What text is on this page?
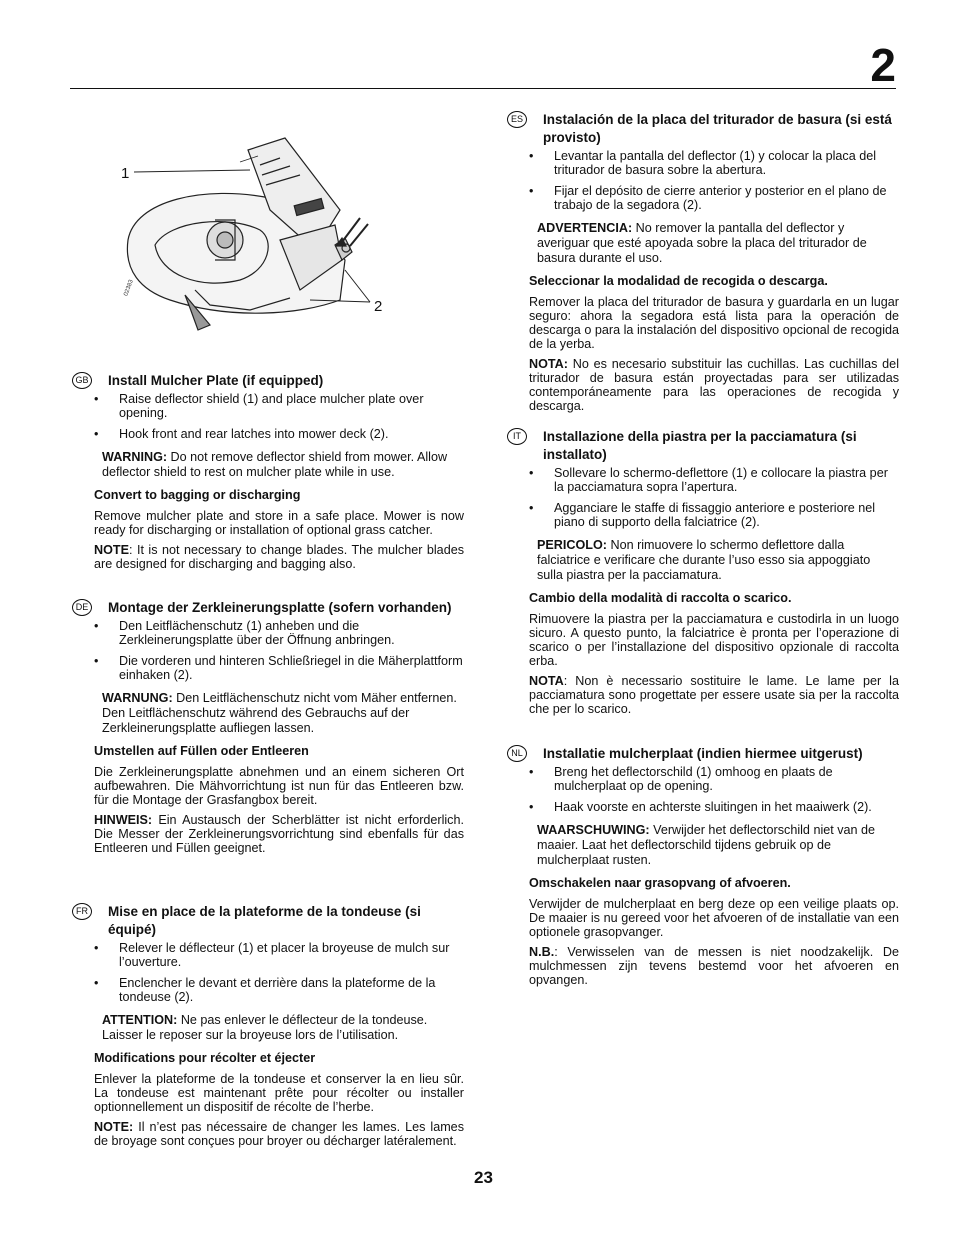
2
1
2
02383
GB Install Mulcher Plate (if equipped)
• Raise deflector shield (1) and place mulcher plate over opening.
• Hook front and rear latches into mower deck (2).
WARNING: Do not remove deflector shield from mower. Allow deflector shield to rest on mulcher plate while in use.
Convert to bagging or discharging
Remove mulcher plate and store in a safe place. Mower is now ready for discharging or installation of optional grass catcher.
NOTE: It is not necessary to change blades. The mulcher blades are designed for discharging and bagging also.
DE Montage der Zerkleinerungsplatte (sofern vorhanden)
• Den Leitflächenschutz (1) anheben und die Zerkleinerungsplatte über der Öffnung anbringen.
• Die vorderen und hinteren Schließriegel in die Mäherplattform einhaken (2).
WARNUNG: Den Leitflächenschutz nicht vom Mäher entfernen. Den Leitflächenschutz während des Gebrauchs auf der Zerkleinerungsplatte aufliegen lassen.
Umstellen auf Füllen oder Entleeren
Die Zerkleinerungsplatte abnehmen und an einem sicheren Ort aufbewahren. Die Mähvorrichtung ist nun für das Entleeren bzw. für die Montage der Grasfangbox bereit.
HINWEIS: Ein Austausch der Scherblätter ist nicht erforderlich. Die Messer der Zerkleinerungsvorrichtung sind ebenfalls für das Entleeren und Füllen geeignet.
FR Mise en place de la plateforme de la tondeuse (si équipé)
• Relever le déflecteur (1) et placer la broyeuse de mulch sur l’ouverture.
• Enclencher le devant et derrière dans la plateforme de la tondeuse (2).
ATTENTION: Ne pas enlever le déflecteur de la tondeuse. Laisser le reposer sur la broyeuse lors de l’utilisation.
Modifications pour récolter et éjecter
Enlever la plateforme de la tondeuse et conserver la en lieu sûr. La tondeuse est maintenant prête pour récolter ou installer optionnellement un dispositif de récolte de l’herbe.
NOTE: Il n’est pas nécessaire de changer les lames. Les lames de broyage sont conçues pour broyer ou décharger latéralement.
ES Instalación de la placa del triturador de basura (si está provisto)
• Levantar la pantalla del deflector (1) y colocar la placa del triturador de basura sobre la abertura.
• Fijar el depósito de cierre anterior y posterior en el plano de trabajo de la segadora (2).
ADVERTENCIA: No remover la pantalla del deflector y averiguar que esté apoyada sobre la placa del triturador de basura durante el uso.
Seleccionar la modalidad de recogida o descarga.
Remover la placa del triturador de basura y guardarla en un lugar seguro: ahora la segadora está lista para la operación de descarga o para la instalación del dispositivo opcional de recogida de la yerba.
NOTA: No es necesario substituir las cuchillas. Las cuchillas del triturador de basura están proyectadas para ser utilizadas contemporáneamente para las operaciones de recogida y descarga.
IT	Installazione della piastra per la pacciamatura (si installato)
• Sollevare lo schermo-deflettore (1) e collocare la piastra per la pacciamatura sopra l’apertura.
• Agganciare le staffe di fissaggio anteriore e posteriore nel piano di supporto della falciatrice (2).
PERICOLO: Non rimuovere lo schermo deflettore dalla falciatrice e verificare che durante l’uso esso sia appoggiato sulla piastra per la pacciamatura.
Cambio della modalità di raccolta o scarico.
Rimuovere la piastra per la pacciamatura e custodirla in un luogo sicuro. A questo punto, la falciatrice è pronta per l’operazione di scarico o per l’installazione del dispositivo opzionale di raccolta erba.
NOTA: Non è necessario sostituire le lame. Le lame per la pacciamatura sono progettate per essere usate sia per la raccolta che per lo scarico.
NL	Installatie mulcherplaat (indien hiermee uitgerust)
• Breng het deflectorschild (1) omhoog en plaats de mulcherplaat op de opening.
• Haak voorste en achterste sluitingen in het maaiwerk (2).
WAARSCHUWING: Verwijder het deflectorschild niet van de maaier. Laat het deflectorschild tijdens gebruik op de mulcherplaat rusten.
Omschakelen naar grasopvang of afvoeren.
Verwijder de mulcherplaat en berg deze op een veilige plaats op. De maaier is nu gereed voor het afvoeren of de installatie van een optionele grasopvanger.
N.B.: Verwisselen van de messen is niet noodzakelijk. De mulchmessen zijn tevens bestemd voor het afvoeren en opvangen.
23
